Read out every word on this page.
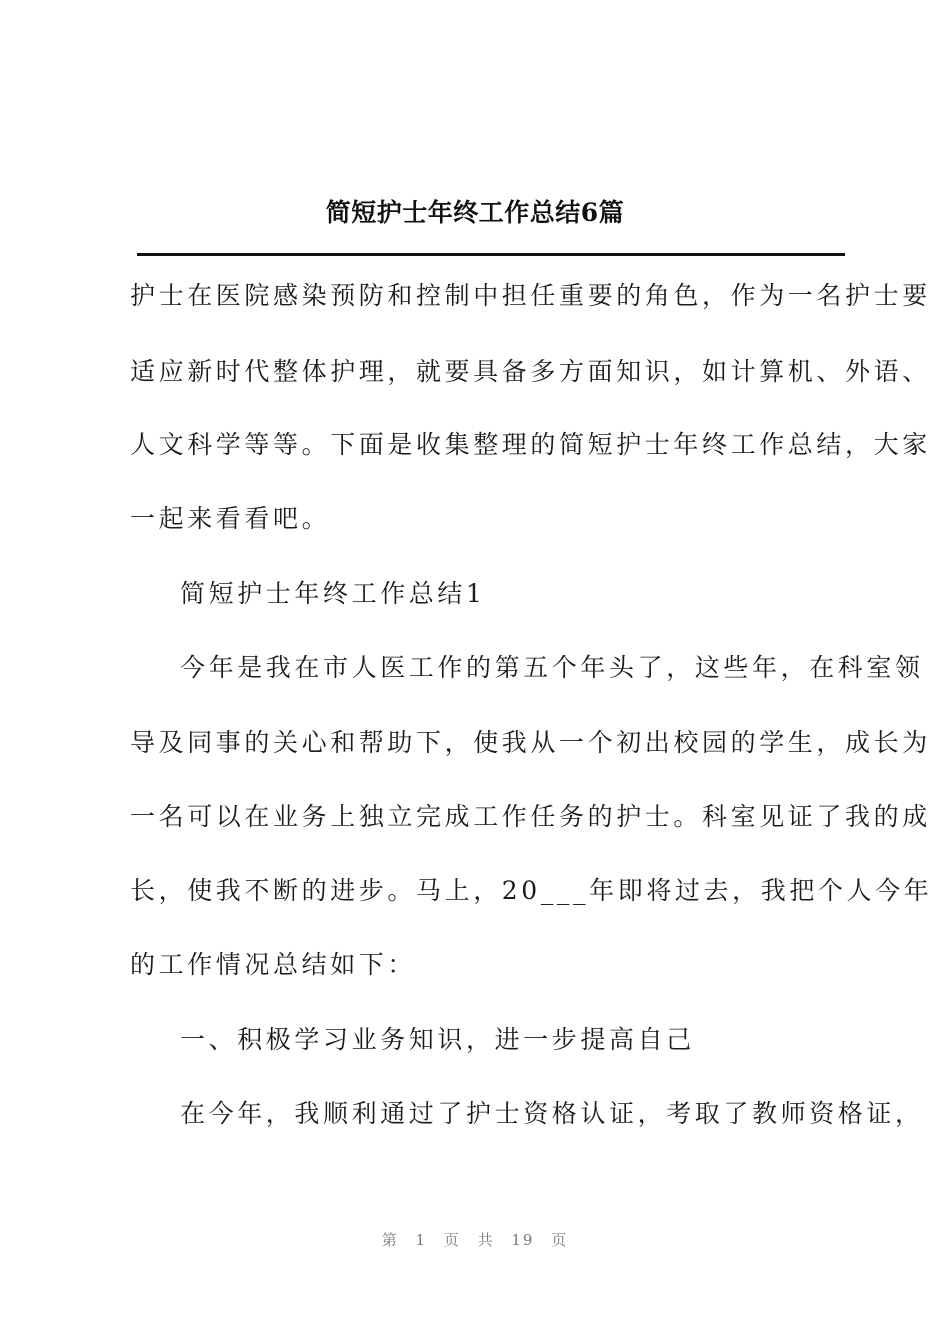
简短护士年终工作总结6篇
护士在医院感染预防和控制中担任重要的角色，作为一名护士要
适应新时代整体护理，就要具备多方面知识，如计算机、外语、
人文科学等等。下面是收集整理的简短护士年终工作总结，大家
一起来看看吧。
简短护士年终工作总结1
今年是我在市人医工作的第五个年头了，这些年，在科室领
导及同事的关心和帮助下，使我从一个初出校园的学生，成长为
一名可以在业务上独立完成工作任务的护士。科室见证了我的成
长，使我不断的进步。马上，20___年即将过去，我把个人今年
的工作情况总结如下：
一、积极学习业务知识，进一步提高自己
在今年，我顺利通过了护士资格认证，考取了教师资格证，
第 1 页 共 19 页
